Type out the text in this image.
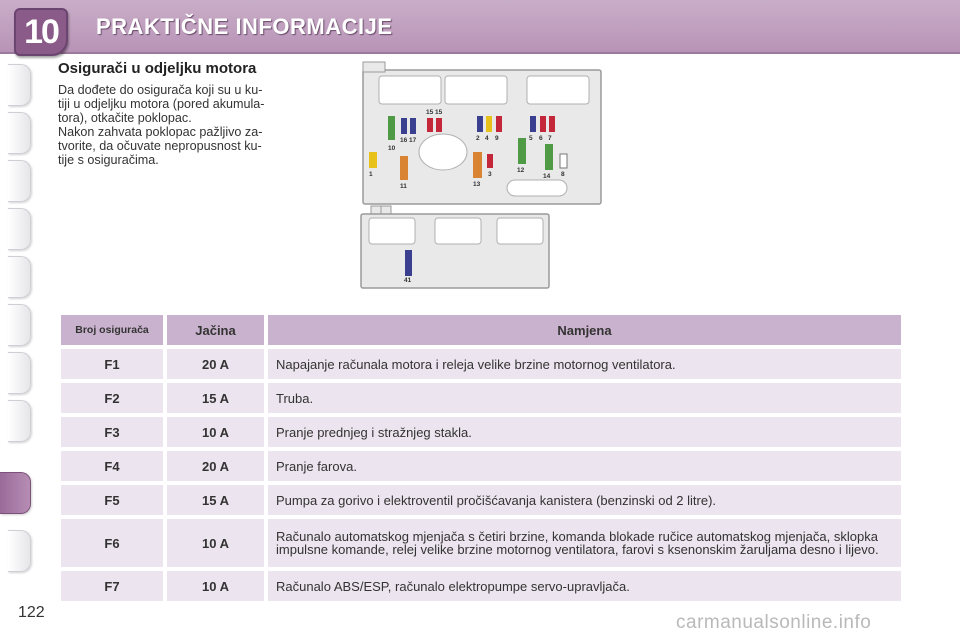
10	PRAKTIČNE INFORMACIJE
Osigurači u odjeljku motora
Da dođete do osigurača koji su u ku-
tiji u odjeljku motora (pored akumula-
tora), otkačite poklopac.
Nakon zahvata poklopac pažljivo za-
tvorite, da očuvate nepropusnost ku-
tije s osiguračima.
15 15
16 17
10
2 4 9	5 6 7
1
11	13
3
12
14 8
41
Broj osigurača	Jačina	Namjena
F1	20 A	Napajanje računala motora i releja velike brzine motornog ventilatora.
F2	15 A	Truba.
F3	10 A	Pranje prednjeg i stražnjeg stakla.
F4	20 A	Pranje farova.
F5	15 A	Pumpa za gorivo i elektroventil pročišćavanja kanistera (benzinski od 2 litre).
F6	10 A	Računalo automatskog mjenjača s četiri brzine, komanda blokade ručice automatskog mjenjača, sklopka impulsne komande, relej velike brzine motornog ventilatora, farovi s ksenonskim žaruljama desno i lijevo.
F7	10 A	Računalo ABS/ESP, računalo elektropumpe servo-upravljača.
122	carmanualsonline.info
